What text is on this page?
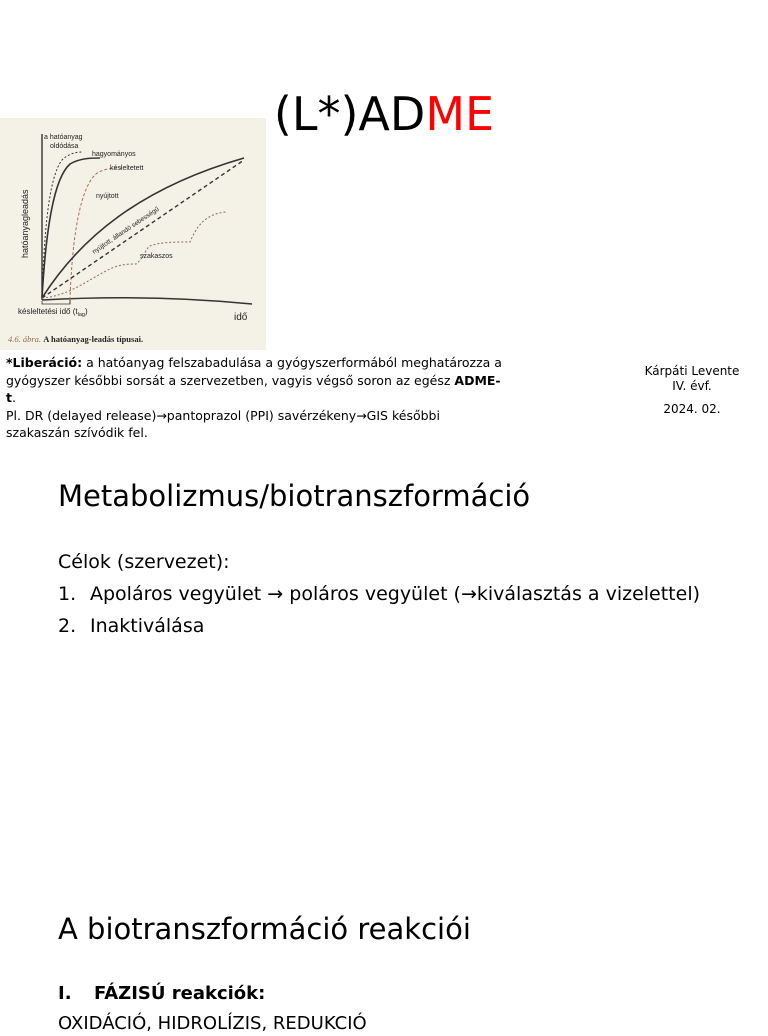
(L*)ADME
a hatóanyag
oldódása
hagyományos
késleltetett
nyújtott
nyújtott, állandó sebességű
szakaszos
hatóanyagleadás
idő
késleltetési idő $(t_{lag})$
4.6. ábra. A hatóanyag-leadás típusai.

*Liberáció: a hatóanyag felszabadulása a gyógyszerformából meghatározza a gyógyszer későbbi sorsát a szervezetben, vagyis végső soron az egész ADME-t.

Pl. DR (delayed release)→pantoprazol (PPI) savérzékeny→GIS későbbi szakaszán szívódik fel.

Kárpáti Levente
IV. évf.
2024. 02.
Metabolizmus/biotranszformáció
Célok (szervezet):
1. Apoláros vegyület → poláros vegyület (→kiválasztás a vizelettel)
2. Inaktiválása
A biotranszformáció reakciói
I. FÁZISÚ reakciók:
OXIDÁCIÓ, HIDROLÍZIS, REDUKCIÓ
